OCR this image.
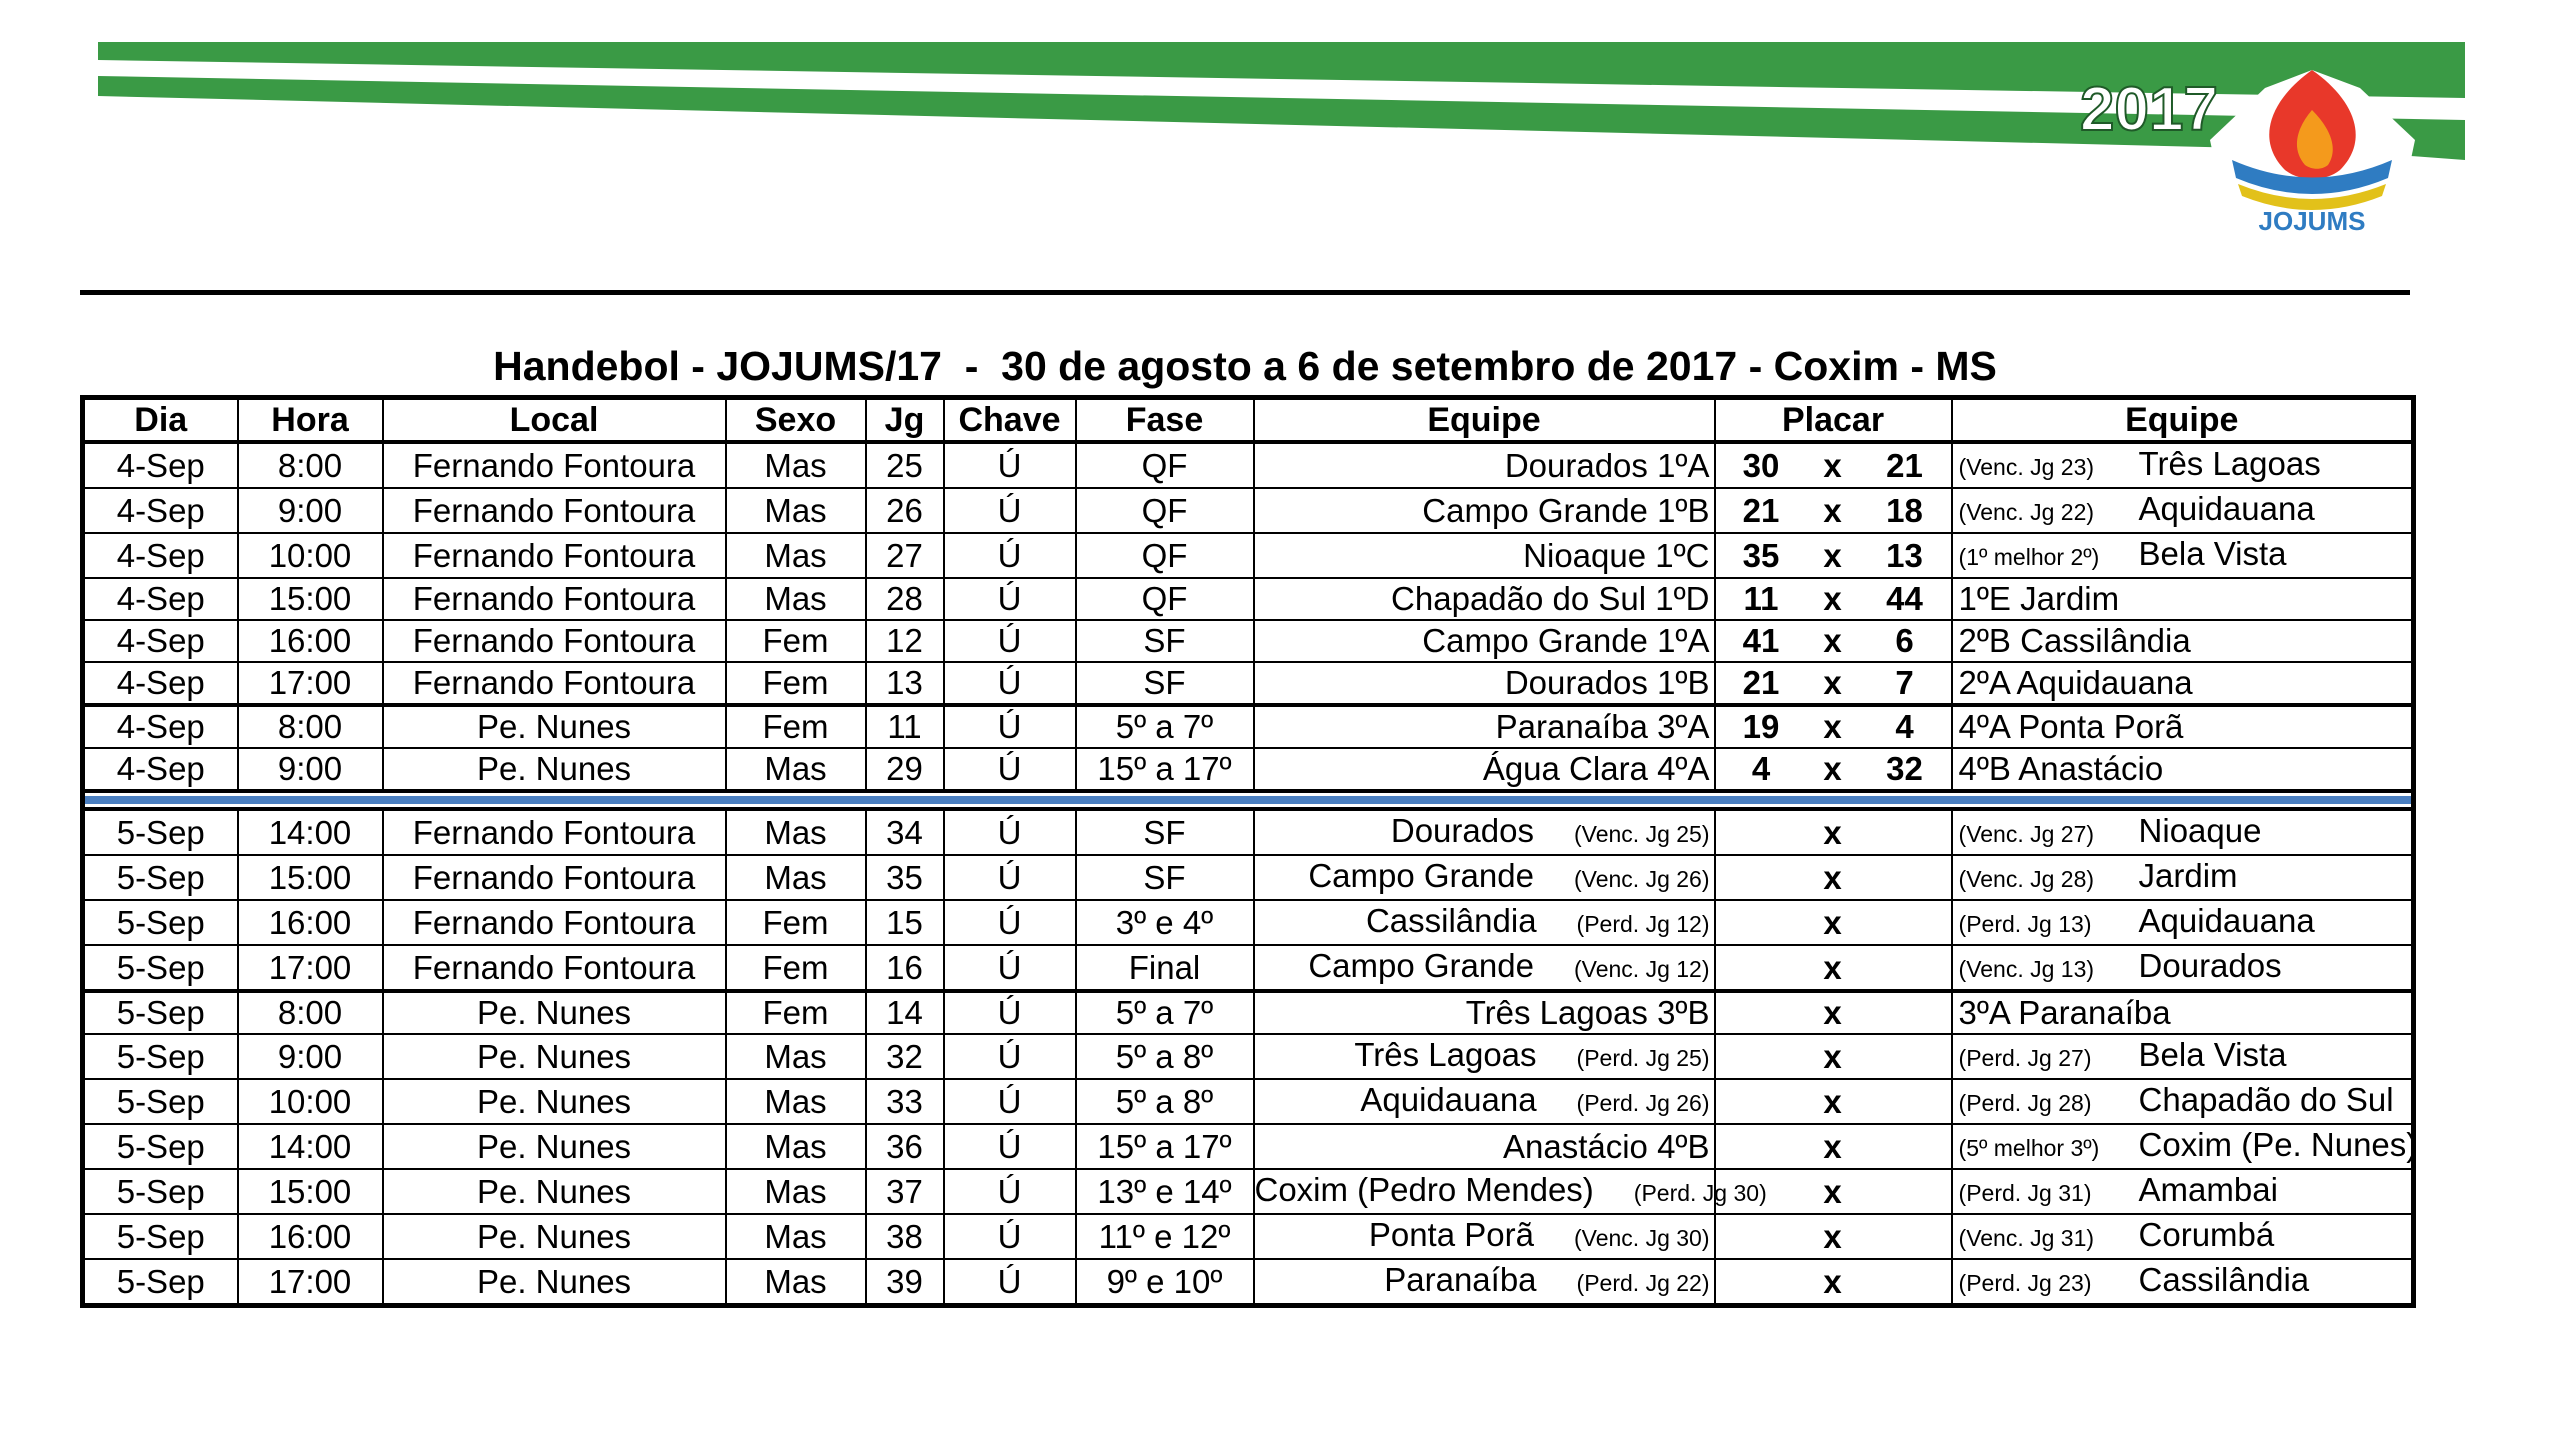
2017
JOJUMS
Handebol - JOJUMS/17  -  30 de agosto a 6 de setembro de 2017 - Coxim - MS
Dia	Hora	Local	Sexo	Jg	Chave	Fase	Equipe	Placar			Equipe
4-Sep	8:00	Fernando Fontoura	Mas	25	Ú	QF	Dourados 1ºA	30	x	21	(Venc. Jg 23) Três Lagoas
4-Sep	9:00	Fernando Fontoura	Mas	26	Ú	QF	Campo Grande 1ºB	21	x	18	(Venc. Jg 22) Aquidauana
4-Sep	10:00	Fernando Fontoura	Mas	27	Ú	QF	Nioaque 1ºC	35	x	13	(1º melhor 2º) Bela Vista
4-Sep	15:00	Fernando Fontoura	Mas	28	Ú	QF	Chapadão do Sul 1ºD	11	x	44	1ºE Jardim
4-Sep	16:00	Fernando Fontoura	Fem	12	Ú	SF	Campo Grande 1ºA	41	x	6	2ºB Cassilândia
4-Sep	17:00	Fernando Fontoura	Fem	13	Ú	SF	Dourados 1ºB	21	x	7	2ºA Aquidauana
4-Sep	8:00	Pe. Nunes	Fem	11	Ú	5º a 7º	Paranaíba 3ºA	19	x	4	4ºA Ponta Porã
4-Sep	9:00	Pe. Nunes	Mas	29	Ú	15º a 17º	Água Clara 4ºA	4	x	32	4ºB Anastácio

5-Sep	14:00	Fernando Fontoura	Mas	34	Ú	SF	Dourados (Venc. Jg 25)		x		(Venc. Jg 27) Nioaque
5-Sep	15:00	Fernando Fontoura	Mas	35	Ú	SF	Campo Grande (Venc. Jg 26)		x		(Venc. Jg 28) Jardim
5-Sep	16:00	Fernando Fontoura	Fem	15	Ú	3º e 4º	Cassilândia (Perd. Jg 12)		x		(Perd. Jg 13) Aquidauana
5-Sep	17:00	Fernando Fontoura	Fem	16	Ú	Final	Campo Grande (Venc. Jg 12)		x		(Venc. Jg 13) Dourados
5-Sep	8:00	Pe. Nunes	Fem	14	Ú	5º a 7º	Três Lagoas 3ºB		x		3ºA Paranaíba
5-Sep	9:00	Pe. Nunes	Mas	32	Ú	5º a 8º	Três Lagoas (Perd. Jg 25)		x		(Perd. Jg 27) Bela Vista
5-Sep	10:00	Pe. Nunes	Mas	33	Ú	5º a 8º	Aquidauana (Perd. Jg 26)		x		(Perd. Jg 28) Chapadão do Sul
5-Sep	14:00	Pe. Nunes	Mas	36	Ú	15º a 17º	Anastácio 4ºB		x		(5º melhor 3º) Coxim (Pe. Nunes)
5-Sep	15:00	Pe. Nunes	Mas	37	Ú	13º e 14º	Coxim (Pedro Mendes) (Perd. Jg 30)		x		(Perd. Jg 31) Amambai
5-Sep	16:00	Pe. Nunes	Mas	38	Ú	11º e 12º	Ponta Porã (Venc. Jg 30)		x		(Venc. Jg 31) Corumbá
5-Sep	17:00	Pe. Nunes	Mas	39	Ú	9º e 10º	Paranaíba (Perd. Jg 22)		x		(Perd. Jg 23) Cassilândia
